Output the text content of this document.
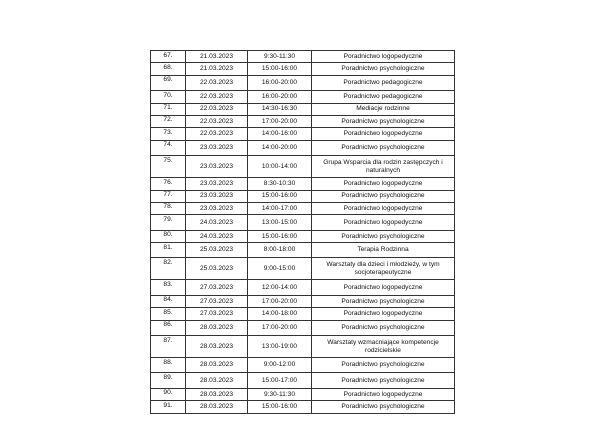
67.	21.03.2023	9:30-11:30	Poradnictwo logopedyczne
68.	21.03.2023	15:00-16:00	Poradnictwo psychologiczne
69.	22.03.2023	16:00-20:00	Poradnictwo pedagogiczne
70.	22.03.2023	16:00-20:00	Poradnictwo pedagogiczne
71.	22.03.2023	14:30-16:30	Mediacje rodzinne
72.	22.03.2023	17:00-20:00	Poradnictwo psychologiczne
73.	22.03.2023	14:00-16:00	Poradnictwo logopedyczne
74.	23.03.2023	14:00-20:00	Poradnictwo psychologiczne
75.	23.03.2023	10:00-14:00	Grupa Wsparcia dla rodzin zastępczych i naturalnych
76.	23.03.2023	8:30-10:30	Poradnictwo logopedyczne
77.	23.03.2023	15:00-16:00	Poradnictwo psychologiczne
78.	23.03.2023	14:00-17:00	Poradnictwo logopedyczne
79.	24.03.2023	13:00-15:00	Poradnictwo logopedyczne
80.	24.03.2023	15:00-16:00	Poradnictwo psychologiczne
81.	25.03.2023	8:00-18:00	Terapia Rodzinna
82.	25.03.2023	9:00-15:00	Warsztaty dla dzieci i młodzieży, w tym socjoterapeutyczne
83.	27.03.2023	12:00-14:00	Poradnictwo logopedyczne
84.	27.03.2023	17:00-20:00	Poradnictwo psychologiczne
85.	27.03.2023	14:00-18:00	Poradnictwo logopedyczne
86.	28.03.2023	17:00-20:00	Poradnictwo psychologiczne
87.	28.03.2023	13:00-19:00	Warsztaty wzmacniające kompetencje rodzicielskie
88.	28.03.2023	9:00-12:00	Poradnictwo psychologiczne
89.	28.03.2023	15:00-17:00	Poradnictwo psychologiczne
90.	28.03.2023	9:30-11:30	Poradnictwo logopedyczne
91.	28.03.2023	15:00-16:00	Poradnictwo psychologiczne
